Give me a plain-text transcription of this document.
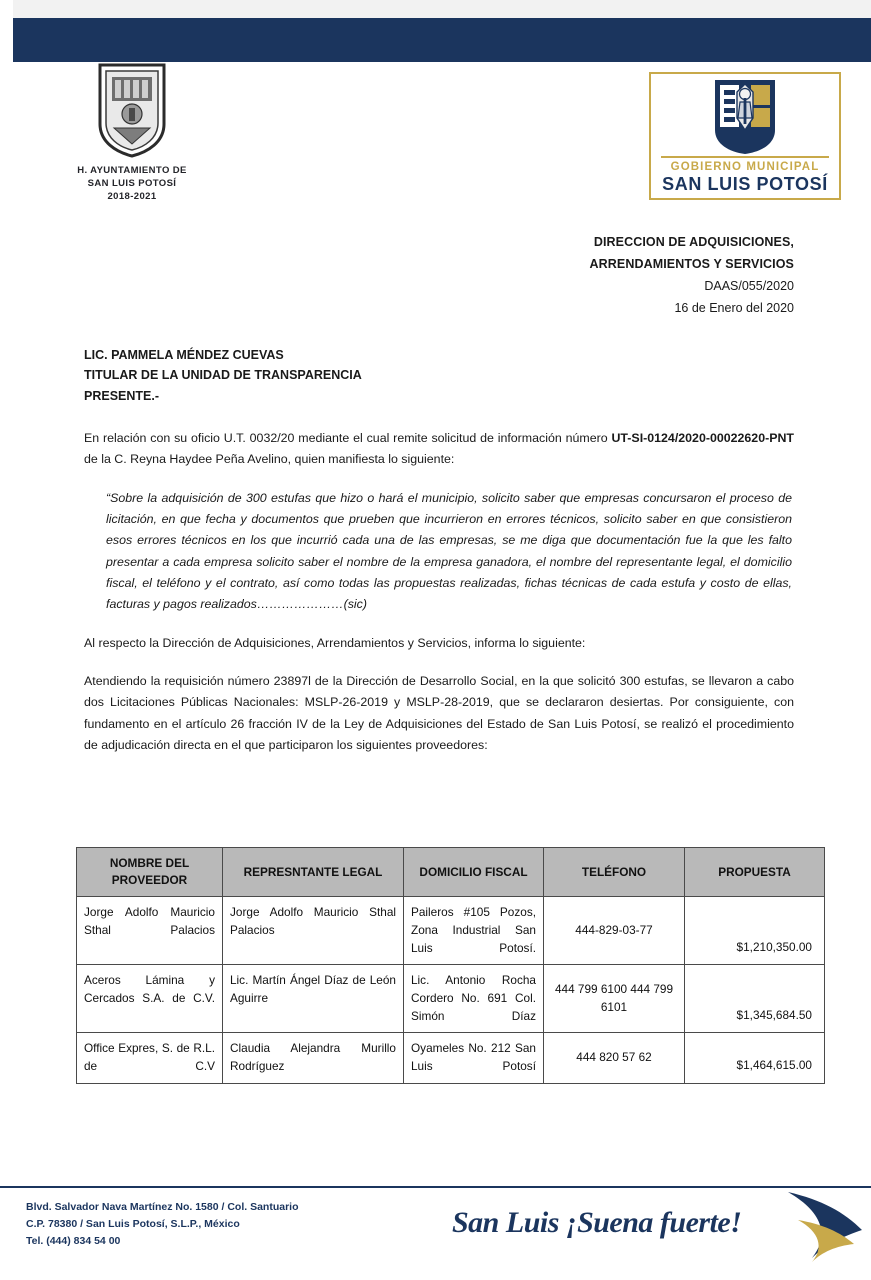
H. AYUNTAMIENTO DE
SAN LUIS POTOSÍ
2018-2021
GOBIERNO MUNICIPAL
SAN LUIS POTOSÍ
DIRECCION DE ADQUISICIONES,
ARRENDAMIENTOS Y SERVICIOS
DAAS/055/2020
16 de Enero del 2020
LIC. PAMMELA MÉNDEZ CUEVAS
TITULAR DE LA UNIDAD DE TRANSPARENCIA
PRESENTE.-

En relación con su oficio U.T. 0032/20 mediante el cual remite solicitud de información número UT-SI-0124/2020-00022620-PNT de la C. Reyna Haydee Peña Avelino, quien manifiesta lo siguiente:

“Sobre la adquisición de 300 estufas que hizo o hará el municipio, solicito saber que empresas concursaron el proceso de licitación, en que fecha y documentos que prueben que incurrieron en errores técnicos, solicito saber en que consistieron esos errores técnicos en los que incurrió cada una de las empresas, se me diga que documentación fue la que les falto presentar a cada empresa solicito saber el nombre de la empresa ganadora, el nombre del representante legal, el domicilio fiscal, el teléfono y el contrato, así como todas las propuestas realizadas, fichas técnicas de cada estufa y costo de ellas, facturas y pagos realizados…………………(sic)

Al respecto la Dirección de Adquisiciones, Arrendamientos y Servicios, informa lo siguiente:

Atendiendo la requisición número 23897l de la Dirección de Desarrollo Social, en la que solicitó 300 estufas, se llevaron a cabo dos Licitaciones Públicas Nacionales: MSLP-26-2019 y MSLP-28-2019, que se declararon desiertas. Por consiguiente, con fundamento en el artículo 26 fracción IV de la Ley de Adquisiciones del Estado de San Luis Potosí, se realizó el procedimiento de adjudicación directa en el que participaron los siguientes proveedores:

NOMBRE DEL PROVEEDOR	REPRESNTANTE LEGAL	DOMICILIO FISCAL	TELÉFONO	PROPUESTA
Jorge Adolfo Mauricio Sthal Palacios	Jorge Adolfo Mauricio Sthal Palacios	Paileros #105 Pozos, Zona Industrial San Luis Potosí.	444-829-03-77	$1,210,350.00
Aceros Lámina y Cercados S.A. de C.V.	Lic. Martín Ángel Díaz de León Aguirre	Lic. Antonio Rocha Cordero No. 691 Col. Simón Díaz	444 799 6100 444 799 6101	$1,345,684.50
Office Expres, S. de R.L. de C.V	Claudia Alejandra Murillo Rodríguez	Oyameles No. 212 San Luis Potosí	444 820 57 62	$1,464,615.00
Blvd. Salvador Nava Martínez No. 1580 / Col. Santuario
C.P. 78380 / San Luis Potosí, S.L.P., México
Tel. (444) 834 54 00
San Luis ¡Suena fuerte!
